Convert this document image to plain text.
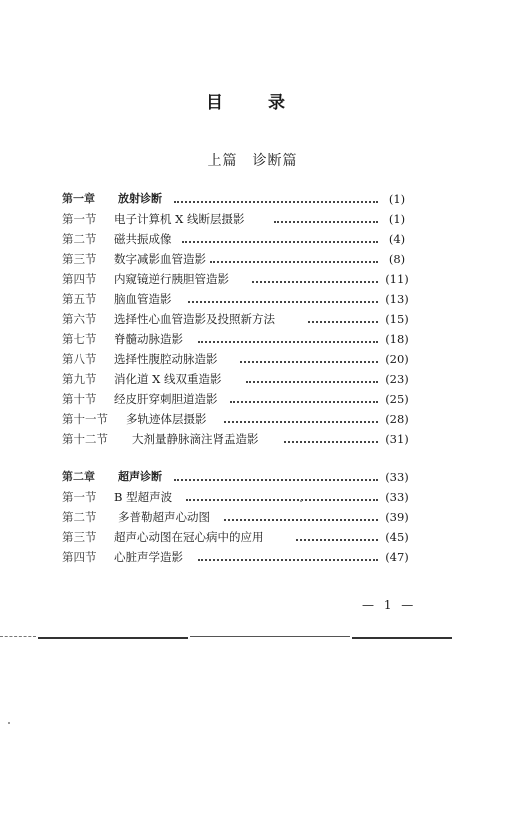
目　录
上篇　诊断篇
第一章 放射诊断	(1)
第一节 电子计算机 X 线断层摄影	(1)
第二节 磁共振成像	(4)
第三节 数字减影血管造影	(8)
第四节 内窥镜逆行胰胆管造影	(11)
第五节 脑血管造影	(13)
第六节 选择性心血管造影及投照新方法	(15)
第七节 脊髓动脉造影	(18)
第八节 选择性腹腔动脉造影	(20)
第九节 消化道 X 线双重造影	(23)
第十节 经皮肝穿刺胆道造影	(25)
第十一节 多轨迹体层摄影	(28)
第十二节 大剂量静脉滴注肾盂造影	(31)
第二章 超声诊断	(33)
第一节 B 型超声波	(33)
第二节 多普勒超声心动图	(39)
第三节 超声心动图在冠心病中的应用	(45)
第四节 心脏声学造影	(47)
— 1 —
